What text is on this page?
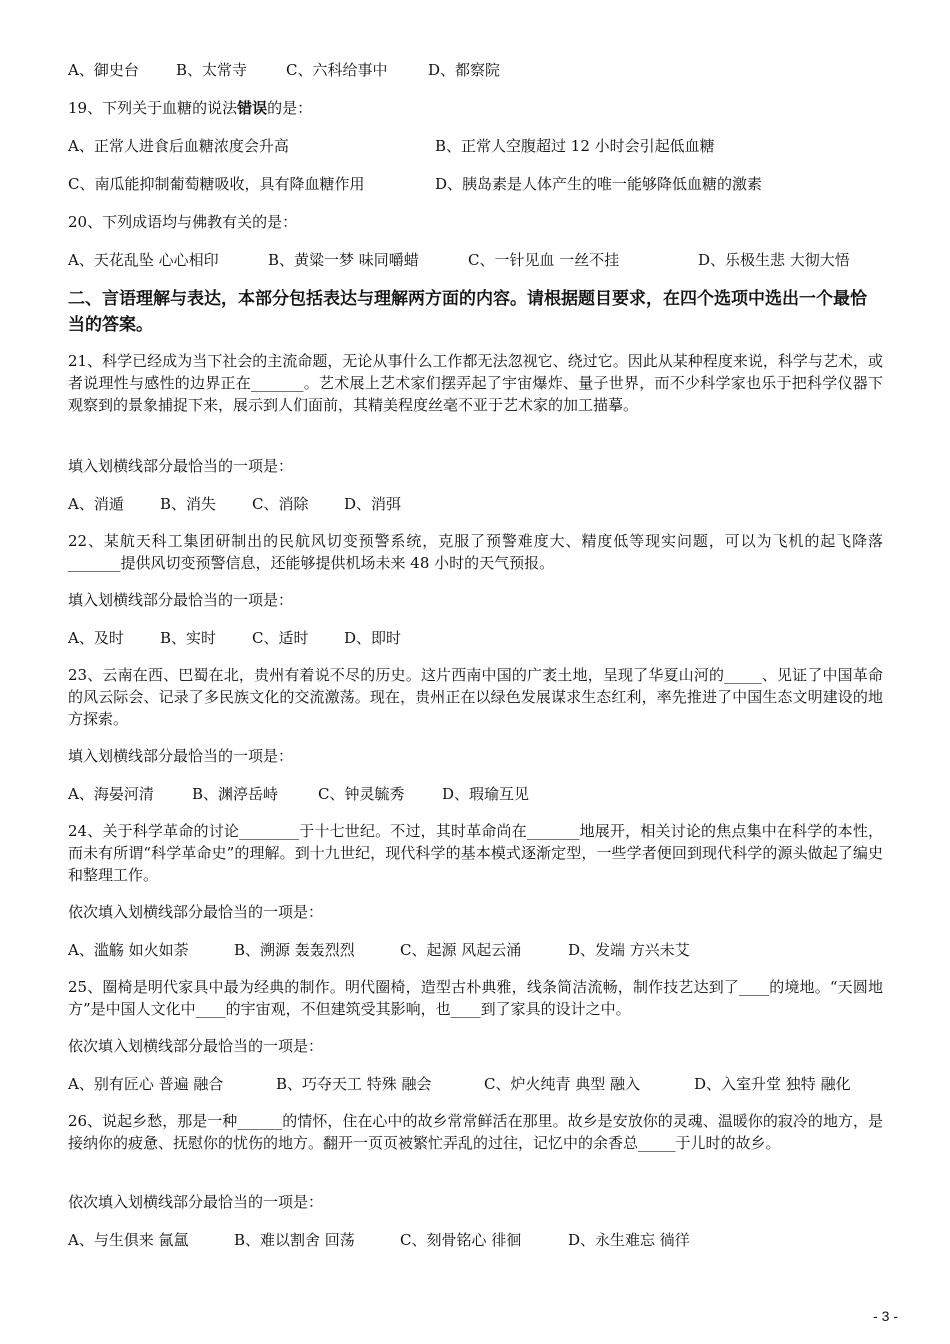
A、御史台 B、太常寺	C、六科给事中	D、都察院
19、下列关于血糖的说法错误的是：
A、正常人进食后血糖浓度会升高	B、正常人空腹超过 12 小时会引起低血糖
C、南瓜能抑制葡萄糖吸收，具有降血糖作用	D、胰岛素是人体产生的唯一能够降低血糖的激素
20、下列成语均与佛教有关的是：
A、天花乱坠 心心相印	B、黄粱一梦 味同嚼蜡	C、一针见血 一丝不挂	D、乐极生悲 大彻大悟
二、言语理解与表达，本部分包括表达与理解两方面的内容。请根据题目要求，在四个选项中选出一个最恰当的答案。
21、科学已经成为当下社会的主流命题，无论从事什么工作都无法忽视它、绕过它。因此从某种程度来说，科学与艺术，或者说理性与感性的边界正在_______。艺术展上艺术家们摆弄起了宇宙爆炸、量子世界，而不少科学家也乐于把科学仪器下观察到的景象捕捉下来，展示到人们面前，其精美程度丝毫不亚于艺术家的加工描摹。
填入划横线部分最恰当的一项是：
A、消遁 B、消失 C、消除 D、消弭
22、某航天科工集团研制出的民航风切变预警系统，克服了预警难度大、精度低等现实问题，可以为飞机的起飞降落_______提供风切变预警信息，还能够提供机场未来 48 小时的天气预报。
填入划横线部分最恰当的一项是：
A、及时 B、实时 C、适时 D、即时
23、云南在西、巴蜀在北，贵州有着说不尽的历史。这片西南中国的广袤土地，呈现了华夏山河的_____、见证了中国革命的风云际会、记录了多民族文化的交流激荡。现在，贵州正在以绿色发展谋求生态红利，率先推进了中国生态文明建设的地方探索。
填入划横线部分最恰当的一项是：
A、海晏河清	B、渊渟岳峙	C、钟灵毓秀	D、瑕瑜互见
24、关于科学革命的讨论________于十七世纪。不过，其时革命尚在_______地展开，相关讨论的焦点集中在科学的本性，而未有所谓“科学革命史”的理解。到十九世纪，现代科学的基本模式逐渐定型，一些学者便回到现代科学的源头做起了编史和整理工作。
依次填入划横线部分最恰当的一项是：
A、滥觞 如火如荼	B、溯源 轰轰烈烈	C、起源 风起云涌	D、发端 方兴未艾
25、圈椅是明代家具中最为经典的制作。明代圈椅，造型古朴典雅，线条简洁流畅，制作技艺达到了____的境地。“天圆地方”是中国人文化中____的宇宙观，不但建筑受其影响，也____到了家具的设计之中。
依次填入划横线部分最恰当的一项是：
A、别有匠心 普遍 融合	B、巧夺天工 特殊 融会	C、炉火纯青 典型 融入	D、入室升堂 独特 融化
26、说起乡愁，那是一种______的情怀，住在心中的故乡常常鲜活在那里。故乡是安放你的灵魂、温暖你的寂冷的地方，是接纳你的疲惫、抚慰你的忧伤的地方。翻开一页页被繁忙弄乱的过往，记忆中的余香总_____于儿时的故乡。
依次填入划横线部分最恰当的一项是：
A、与生俱来 氤氲	B、难以割舍 回荡	C、刻骨铭心 徘徊	D、永生难忘 徜徉
- 3 -
